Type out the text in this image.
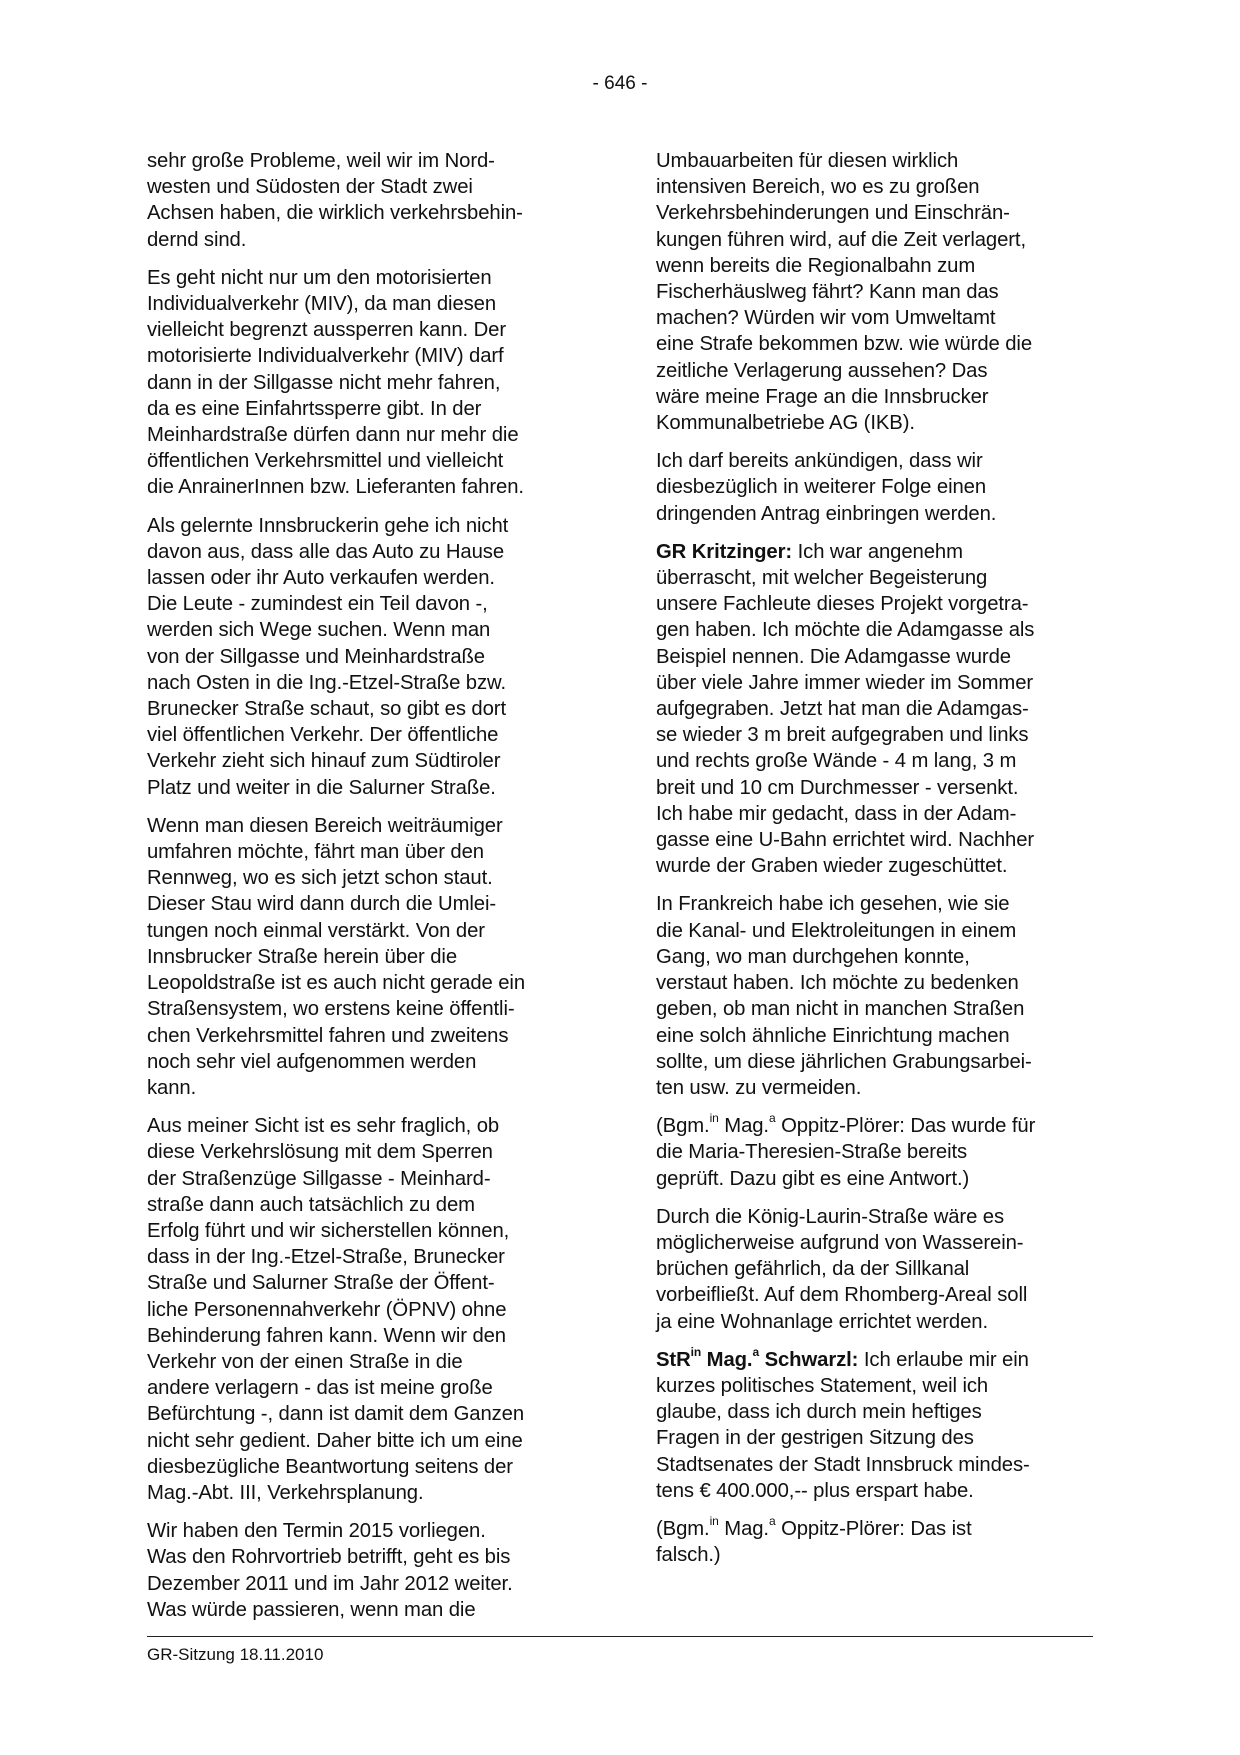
- 646 -

sehr große Probleme, weil wir im Nord-
westen und Südosten der Stadt zwei
Achsen haben, die wirklich verkehrsbehin-
dernd sind.

Es geht nicht nur um den motorisierten
Individualverkehr (MIV), da man diesen
vielleicht begrenzt aussperren kann. Der
motorisierte Individualverkehr (MIV) darf
dann in der Sillgasse nicht mehr fahren,
da es eine Einfahrtssperre gibt. In der
Meinhardstraße dürfen dann nur mehr die
öffentlichen Verkehrsmittel und vielleicht
die AnrainerInnen bzw. Lieferanten fahren.

Als gelernte Innsbruckerin gehe ich nicht
davon aus, dass alle das Auto zu Hause
lassen oder ihr Auto verkaufen werden.
Die Leute - zumindest ein Teil davon -,
werden sich Wege suchen. Wenn man
von der Sillgasse und Meinhardstraße
nach Osten in die Ing.-Etzel-Straße bzw.
Brunecker Straße schaut, so gibt es dort
viel öffentlichen Verkehr. Der öffentliche
Verkehr zieht sich hinauf zum Südtiroler
Platz und weiter in die Salurner Straße.

Wenn man diesen Bereich weiträumiger
umfahren möchte, fährt man über den
Rennweg, wo es sich jetzt schon staut.
Dieser Stau wird dann durch die Umlei-
tungen noch einmal verstärkt. Von der
Innsbrucker Straße herein über die
Leopoldstraße ist es auch nicht gerade ein
Straßensystem, wo erstens keine öffentli-
chen Verkehrsmittel fahren und zweitens
noch sehr viel aufgenommen werden
kann.

Aus meiner Sicht ist es sehr fraglich, ob
diese Verkehrslösung mit dem Sperren
der Straßenzüge Sillgasse - Meinhard-
straße dann auch tatsächlich zu dem
Erfolg führt und wir sicherstellen können,
dass in der Ing.-Etzel-Straße, Brunecker
Straße und Salurner Straße der Öffent-
liche Personennahverkehr (ÖPNV) ohne
Behinderung fahren kann. Wenn wir den
Verkehr von der einen Straße in die
andere verlagern - das ist meine große
Befürchtung -, dann ist damit dem Ganzen
nicht sehr gedient. Daher bitte ich um eine
diesbezügliche Beantwortung seitens der
Mag.-Abt. III, Verkehrsplanung.

Wir haben den Termin 2015 vorliegen.
Was den Rohrvortrieb betrifft, geht es bis
Dezember 2011 und im Jahr 2012 weiter.
Was würde passieren, wenn man die

Umbauarbeiten für diesen wirklich
intensiven Bereich, wo es zu großen
Verkehrsbehinderungen und Einschrän-
kungen führen wird, auf die Zeit verlagert,
wenn bereits die Regionalbahn zum
Fischerhäuslweg fährt? Kann man das
machen? Würden wir vom Umweltamt
eine Strafe bekommen bzw. wie würde die
zeitliche Verlagerung aussehen? Das
wäre meine Frage an die Innsbrucker
Kommunalbetriebe AG (IKB).

Ich darf bereits ankündigen, dass wir
diesbezüglich in weiterer Folge einen
dringenden Antrag einbringen werden.

GR Kritzinger: Ich war angenehm
überrascht, mit welcher Begeisterung
unsere Fachleute dieses Projekt vorgetra-
gen haben. Ich möchte die Adamgasse als
Beispiel nennen. Die Adamgasse wurde
über viele Jahre immer wieder im Sommer
aufgegraben. Jetzt hat man die Adamgas-
se wieder 3 m breit aufgegraben und links
und rechts große Wände - 4 m lang, 3 m
breit und 10 cm Durchmesser - versenkt.
Ich habe mir gedacht, dass in der Adam-
gasse eine U-Bahn errichtet wird. Nachher
wurde der Graben wieder zugeschüttet.

In Frankreich habe ich gesehen, wie sie
die Kanal- und Elektroleitungen in einem
Gang, wo man durchgehen konnte,
verstaut haben. Ich möchte zu bedenken
geben, ob man nicht in manchen Straßen
eine solch ähnliche Einrichtung machen
sollte, um diese jährlichen Grabungsarbei-
ten usw. zu vermeiden.

(Bgm.$^{in}$ Mag.$^a$ Oppitz-Plörer: Das wurde für
die Maria-Theresien-Straße bereits
geprüft. Dazu gibt es eine Antwort.)

Durch die König-Laurin-Straße wäre es
möglicherweise aufgrund von Wasserein-
brüchen gefährlich, da der Sillkanal
vorbeifließt. Auf dem Rhomberg-Areal soll
ja eine Wohnanlage errichtet werden.

StR$^{in}$ Mag.$^a$ Schwarzl: Ich erlaube mir ein
kurzes politisches Statement, weil ich
glaube, dass ich durch mein heftiges
Fragen in der gestrigen Sitzung des
Stadtsenates der Stadt Innsbruck mindes-
tens € 400.000,-- plus erspart habe.

(Bgm.$^{in}$ Mag.$^a$ Oppitz-Plörer: Das ist
falsch.)

GR-Sitzung 18.11.2010
